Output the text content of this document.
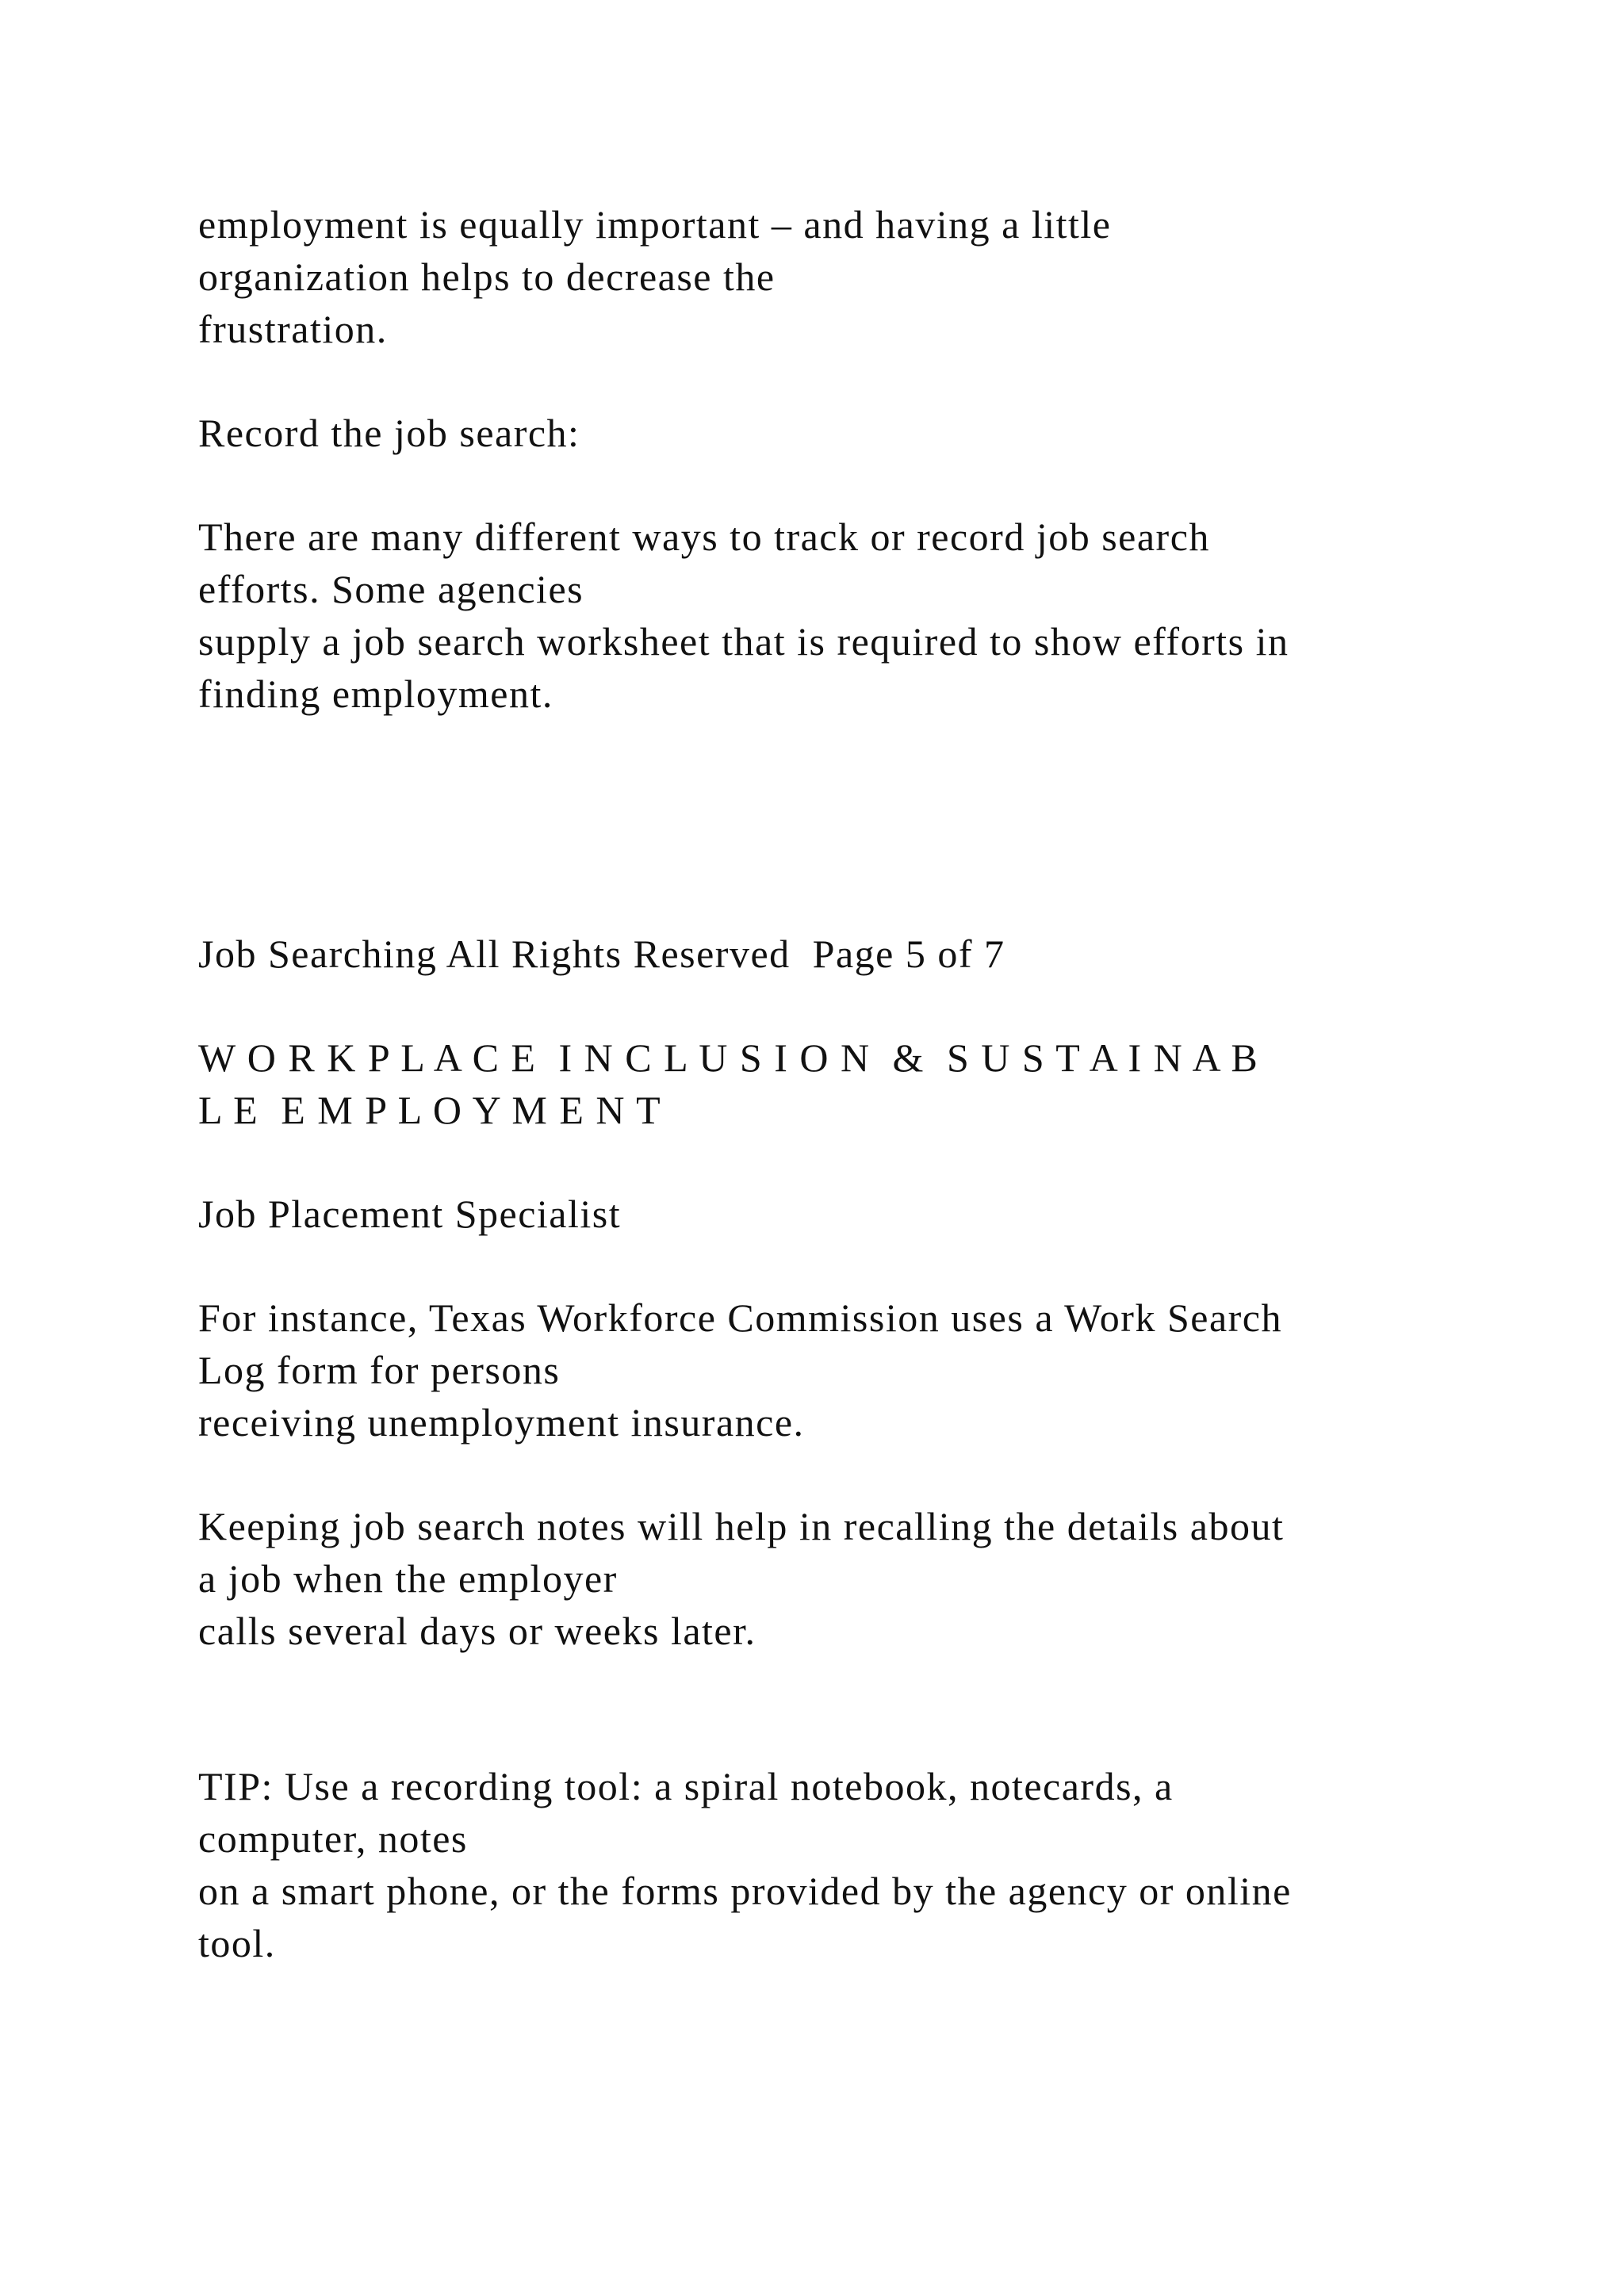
employment is equally important – and having a little

organization helps to decrease the

frustration.

Record the job search:

There are many different ways to track or record job search

efforts. Some agencies

supply a job search worksheet that is required to show efforts in

finding employment.

Job Searching All Rights Reserved  Page 5 of 7

W O R K P L A C E  I N C L U S I O N  &  S U S T A I N A B

L E  E M P L O Y M E N T

Job Placement Specialist

For instance, Texas Workforce Commission uses a Work Search

Log form for persons

receiving unemployment insurance.

Keeping job search notes will help in recalling the details about

a job when the employer

calls several days or weeks later.

TIP: Use a recording tool: a spiral notebook, notecards, a

computer, notes

on a smart phone, or the forms provided by the agency or online

tool.
